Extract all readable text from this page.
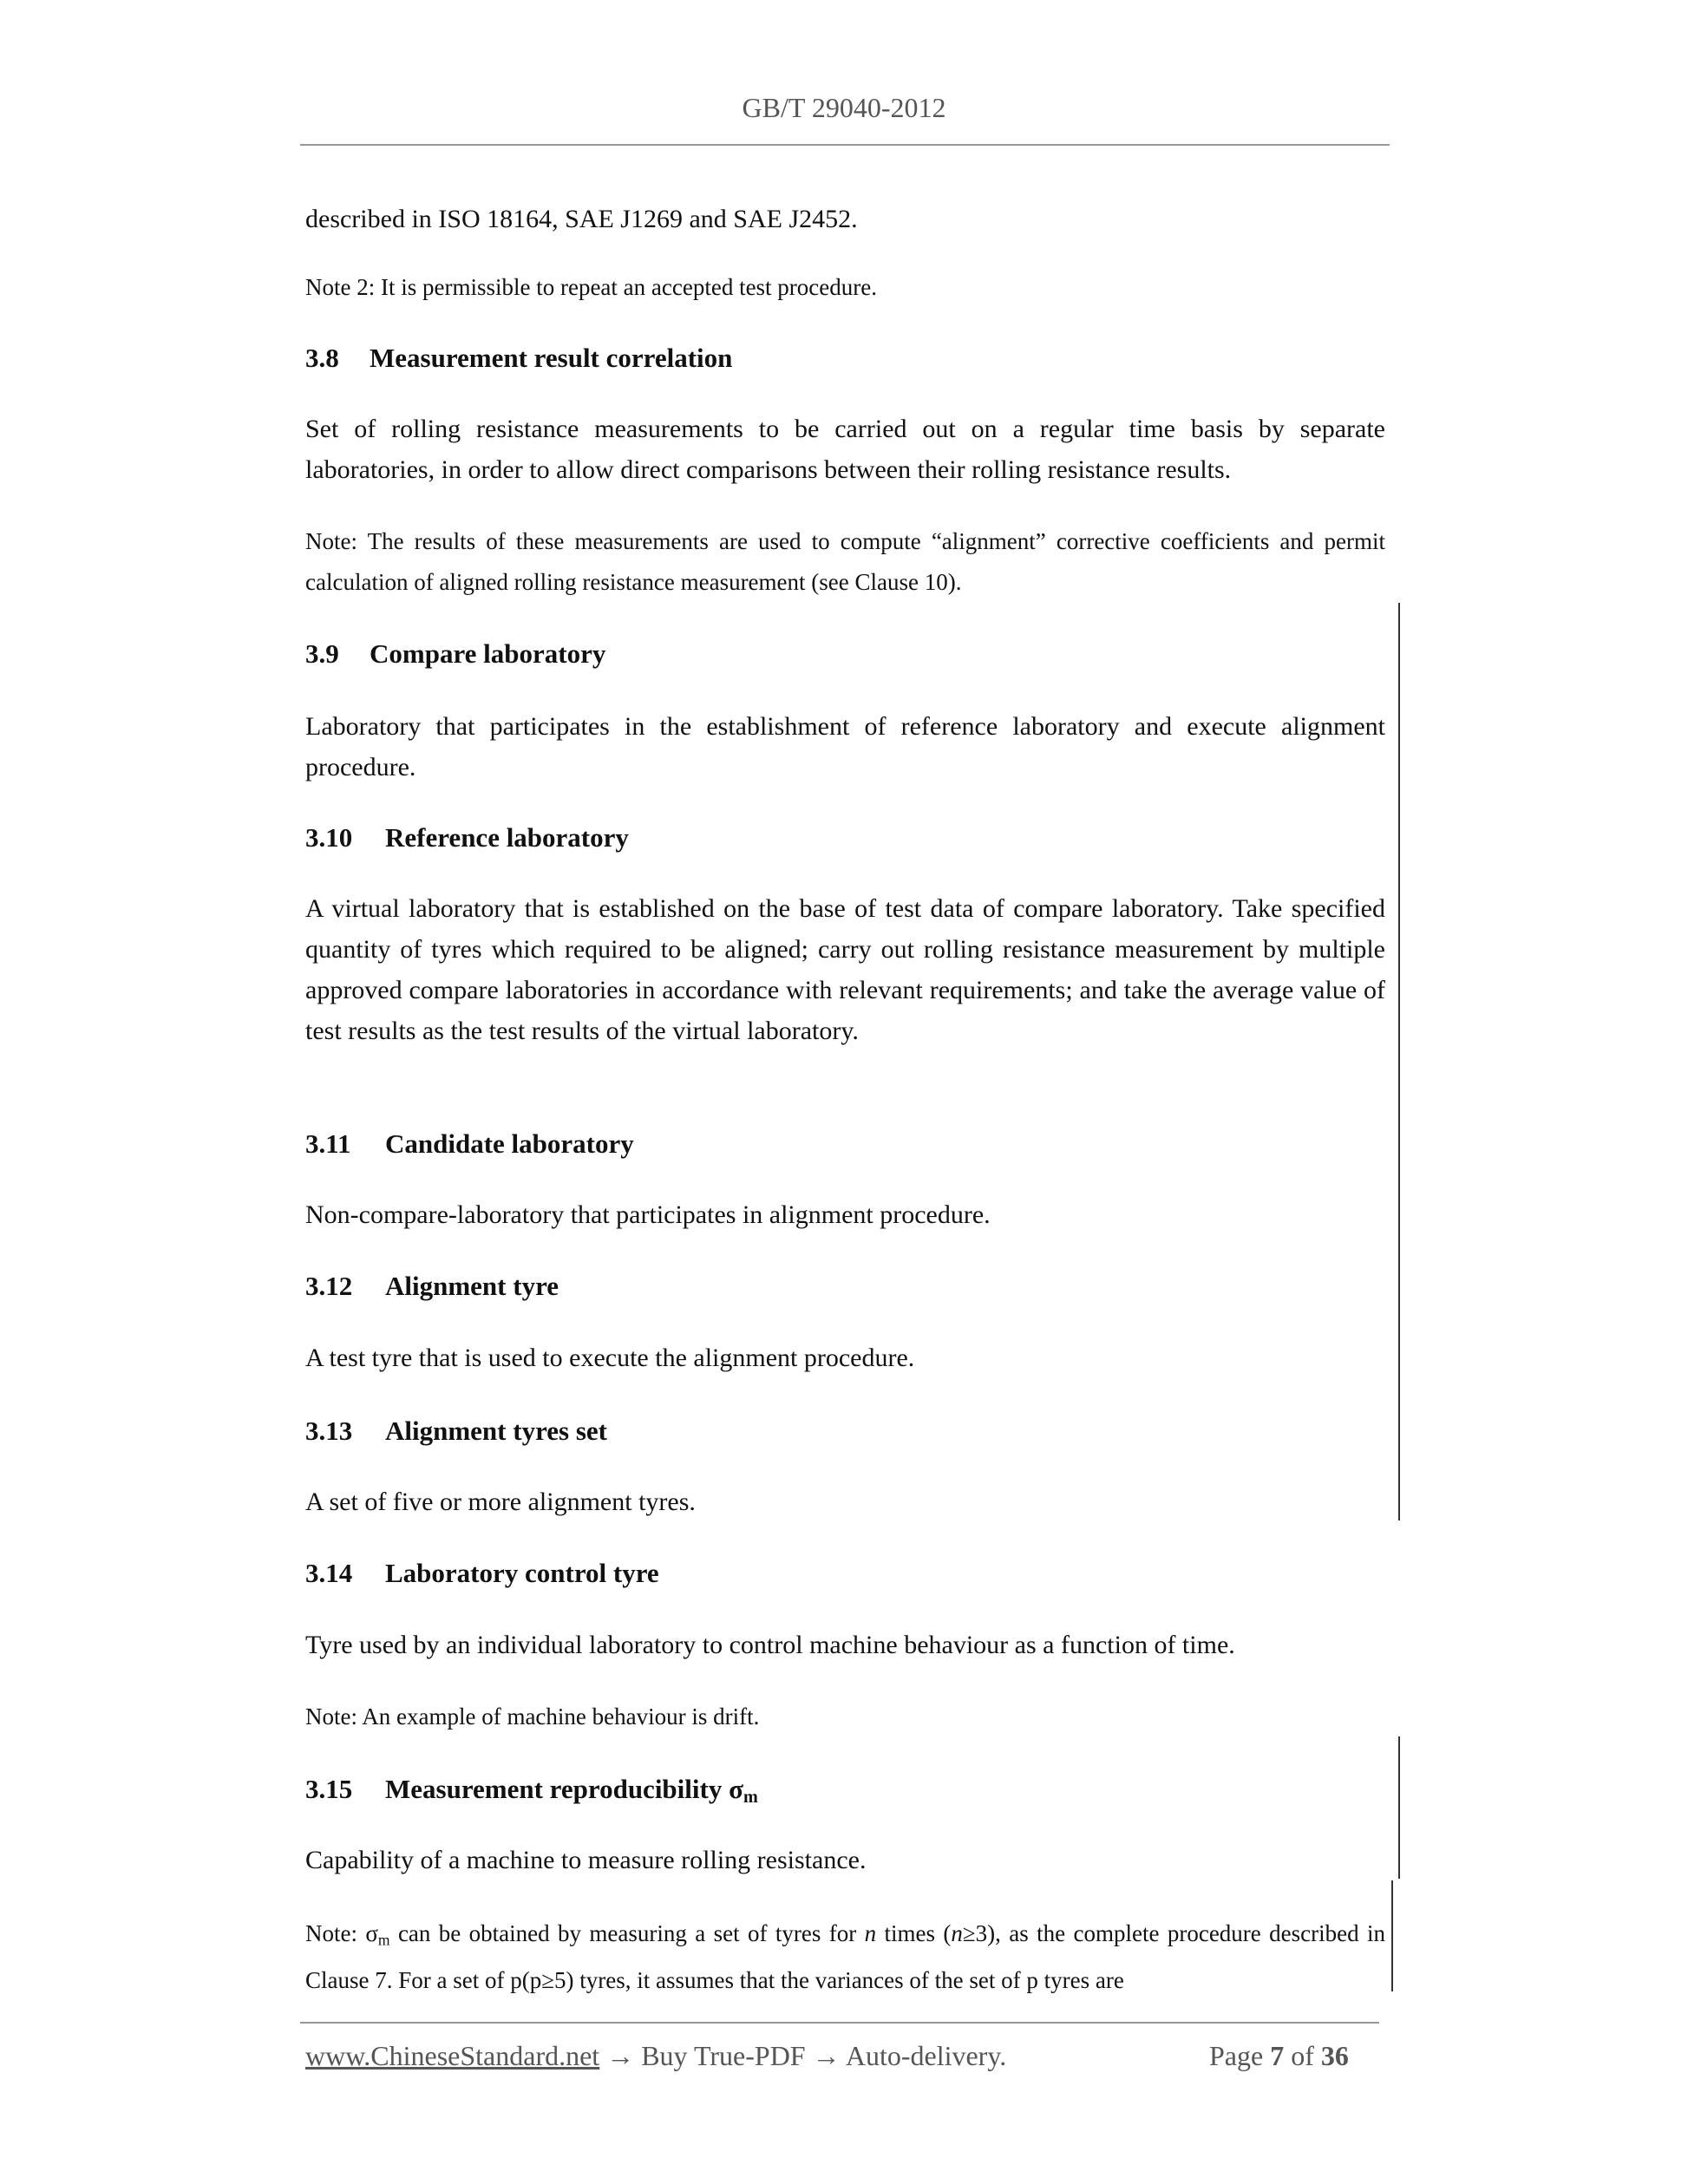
GB/T 29040-2012
described in ISO 18164, SAE J1269 and SAE J2452.
Note 2: It is permissible to repeat an accepted test procedure.
3.8 Measurement result correlation
Set of rolling resistance measurements to be carried out on a regular time basis by separate laboratories, in order to allow direct comparisons between their rolling resistance results.
Note: The results of these measurements are used to compute “alignment” corrective coefficients and permit calculation of aligned rolling resistance measurement (see Clause 10).
3.9 Compare laboratory
Laboratory that participates in the establishment of reference laboratory and execute alignment procedure.
3.10 Reference laboratory
A virtual laboratory that is established on the base of test data of compare laboratory. Take specified quantity of tyres which required to be aligned; carry out rolling resistance measurement by multiple approved compare laboratories in accordance with relevant requirements; and take the average value of test results as the test results of the virtual laboratory.
3.11 Candidate laboratory
Non-compare-laboratory that participates in alignment procedure.
3.12 Alignment tyre
A test tyre that is used to execute the alignment procedure.
3.13 Alignment tyres set
A set of five or more alignment tyres.
3.14 Laboratory control tyre
Tyre used by an individual laboratory to control machine behaviour as a function of time.
Note: An example of machine behaviour is drift.
3.15 Measurement reproducibility $\sigma_m$
Capability of a machine to measure rolling resistance.
Note: $\sigma_m$ can be obtained by measuring a set of tyres for n times (n≥3), as the complete procedure described in Clause 7. For a set of p(p≥5) tyres, it assumes that the variances of the set of p tyres are
www.ChineseStandard.net → Buy True-PDF → Auto-delivery.	Page 7 of 36
